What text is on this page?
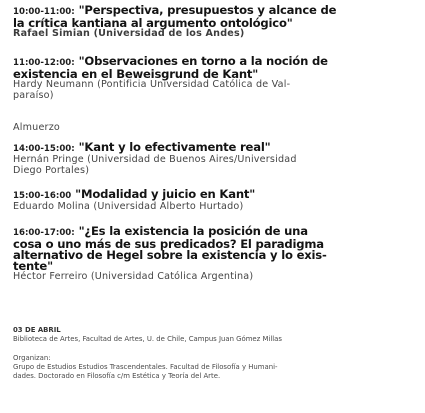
10:00-11:00: "Perspectiva, presupuestos y alcance de

la crítica kantiana al argumento ontológico"

Rafael Simian (Universidad de los Andes)

11:00-12:00: "Observaciones en torno a la noción de

existencia en el Beweisgrund de Kant"

Hardy Neumann (Pontificia Universidad Católica de Val-

paraíso)

Almuerzo

14:00-15:00: "Kant y lo efectivamente real"

Hernán Pringe (Universidad de Buenos Aires/Universidad

Diego Portales)

15:00-16:00 "Modalidad y juicio en Kant"

Eduardo Molina (Universidad Alberto Hurtado)

16:00-17:00: "¿Es la existencia la posición de una

cosa o uno más de sus predicados? El paradigma

alternativo de Hegel sobre la existencia y lo exis-

tente"

Héctor Ferreiro (Universidad Católica Argentina)

03 DE ABRIL

Biblioteca de Artes, Facultad de Artes, U. de Chile, Campus Juan Gómez Millas

Organizan:

Grupo de Estudios Estudios Trascendentales. Facultad de Filosofía y Humani-

dades. Doctorado en Filosofía c/m Estética y Teoría del Arte.
